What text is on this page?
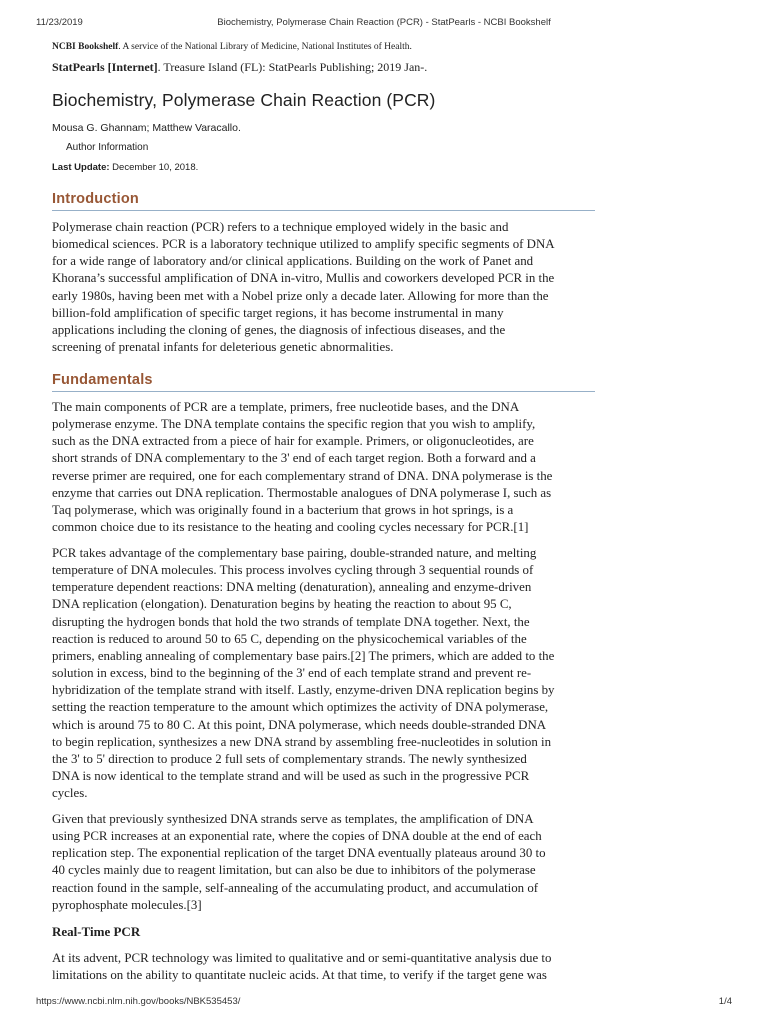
11/23/2019	Biochemistry, Polymerase Chain Reaction (PCR) - StatPearls - NCBI Bookshelf
NCBI Bookshelf. A service of the National Library of Medicine, National Institutes of Health.
StatPearls [Internet]. Treasure Island (FL): StatPearls Publishing; 2019 Jan-.
Biochemistry, Polymerase Chain Reaction (PCR)
Mousa G. Ghannam; Matthew Varacallo.
Author Information
Last Update: December 10, 2018.
Introduction
Polymerase chain reaction (PCR) refers to a technique employed widely in the basic and
biomedical sciences. PCR is a laboratory technique utilized to amplify specific segments of DNA
for a wide range of laboratory and/or clinical applications. Building on the work of Panet and
Khorana’s successful amplification of DNA in-vitro, Mullis and coworkers developed PCR in the
early 1980s, having been met with a Nobel prize only a decade later. Allowing for more than the
billion-fold amplification of specific target regions, it has become instrumental in many
applications including the cloning of genes, the diagnosis of infectious diseases, and the
screening of prenatal infants for deleterious genetic abnormalities.
Fundamentals
The main components of PCR are a template, primers, free nucleotide bases, and the DNA
polymerase enzyme. The DNA template contains the specific region that you wish to amplify,
such as the DNA extracted from a piece of hair for example. Primers, or oligonucleotides, are
short strands of DNA complementary to the 3' end of each target region. Both a forward and a
reverse primer are required, one for each complementary strand of DNA. DNA polymerase is the
enzyme that carries out DNA replication. Thermostable analogues of DNA polymerase I, such as
Taq polymerase, which was originally found in a bacterium that grows in hot springs, is a
common choice due to its resistance to the heating and cooling cycles necessary for PCR.[1]
PCR takes advantage of the complementary base pairing, double-stranded nature, and melting
temperature of DNA molecules. This process involves cycling through 3 sequential rounds of
temperature dependent reactions: DNA melting (denaturation), annealing and enzyme-driven
DNA replication (elongation). Denaturation begins by heating the reaction to about 95 C,
disrupting the hydrogen bonds that hold the two strands of template DNA together. Next, the
reaction is reduced to around 50 to 65 C, depending on the physicochemical variables of the
primers, enabling annealing of complementary base pairs.[2] The primers, which are added to the
solution in excess, bind to the beginning of the 3' end of each template strand and prevent re-
hybridization of the template strand with itself. Lastly, enzyme-driven DNA replication begins by
setting the reaction temperature to the amount which optimizes the activity of DNA polymerase,
which is around 75 to 80 C. At this point, DNA polymerase, which needs double-stranded DNA
to begin replication, synthesizes a new DNA strand by assembling free-nucleotides in solution in
the 3' to 5' direction to produce 2 full sets of complementary strands. The newly synthesized
DNA is now identical to the template strand and will be used as such in the progressive PCR
cycles.
Given that previously synthesized DNA strands serve as templates, the amplification of DNA
using PCR increases at an exponential rate, where the copies of DNA double at the end of each
replication step. The exponential replication of the target DNA eventually plateaus around 30 to
40 cycles mainly due to reagent limitation, but can also be due to inhibitors of the polymerase
reaction found in the sample, self-annealing of the accumulating product, and accumulation of
pyrophosphate molecules.[3]
Real-Time PCR
At its advent, PCR technology was limited to qualitative and or semi-quantitative analysis due to
limitations on the ability to quantitate nucleic acids. At that time, to verify if the target gene was
https://www.ncbi.nlm.nih.gov/books/NBK535453/	1/4
